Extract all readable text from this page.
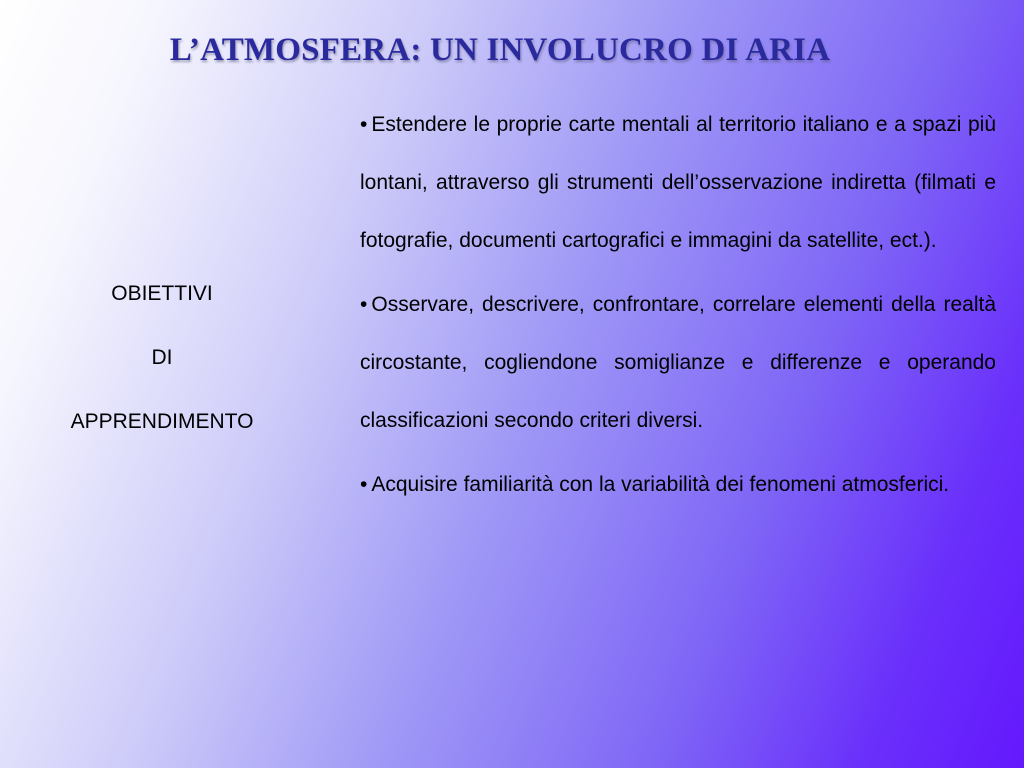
L’ATMOSFERA: UN INVOLUCRO DI ARIA
OBIETTIVI
DI
APPRENDIMENTO
• Estendere le proprie carte mentali al territorio italiano e a spazi più lontani, attraverso gli strumenti dell’osservazione indiretta (filmati e fotografie, documenti cartografici e immagini da satellite, ect.).
• Osservare, descrivere, confrontare, correlare elementi della realtà circostante, cogliendone somiglianze e differenze e operando classificazioni secondo criteri diversi.
• Acquisire familiarità con la variabilità dei fenomeni atmosferici.
